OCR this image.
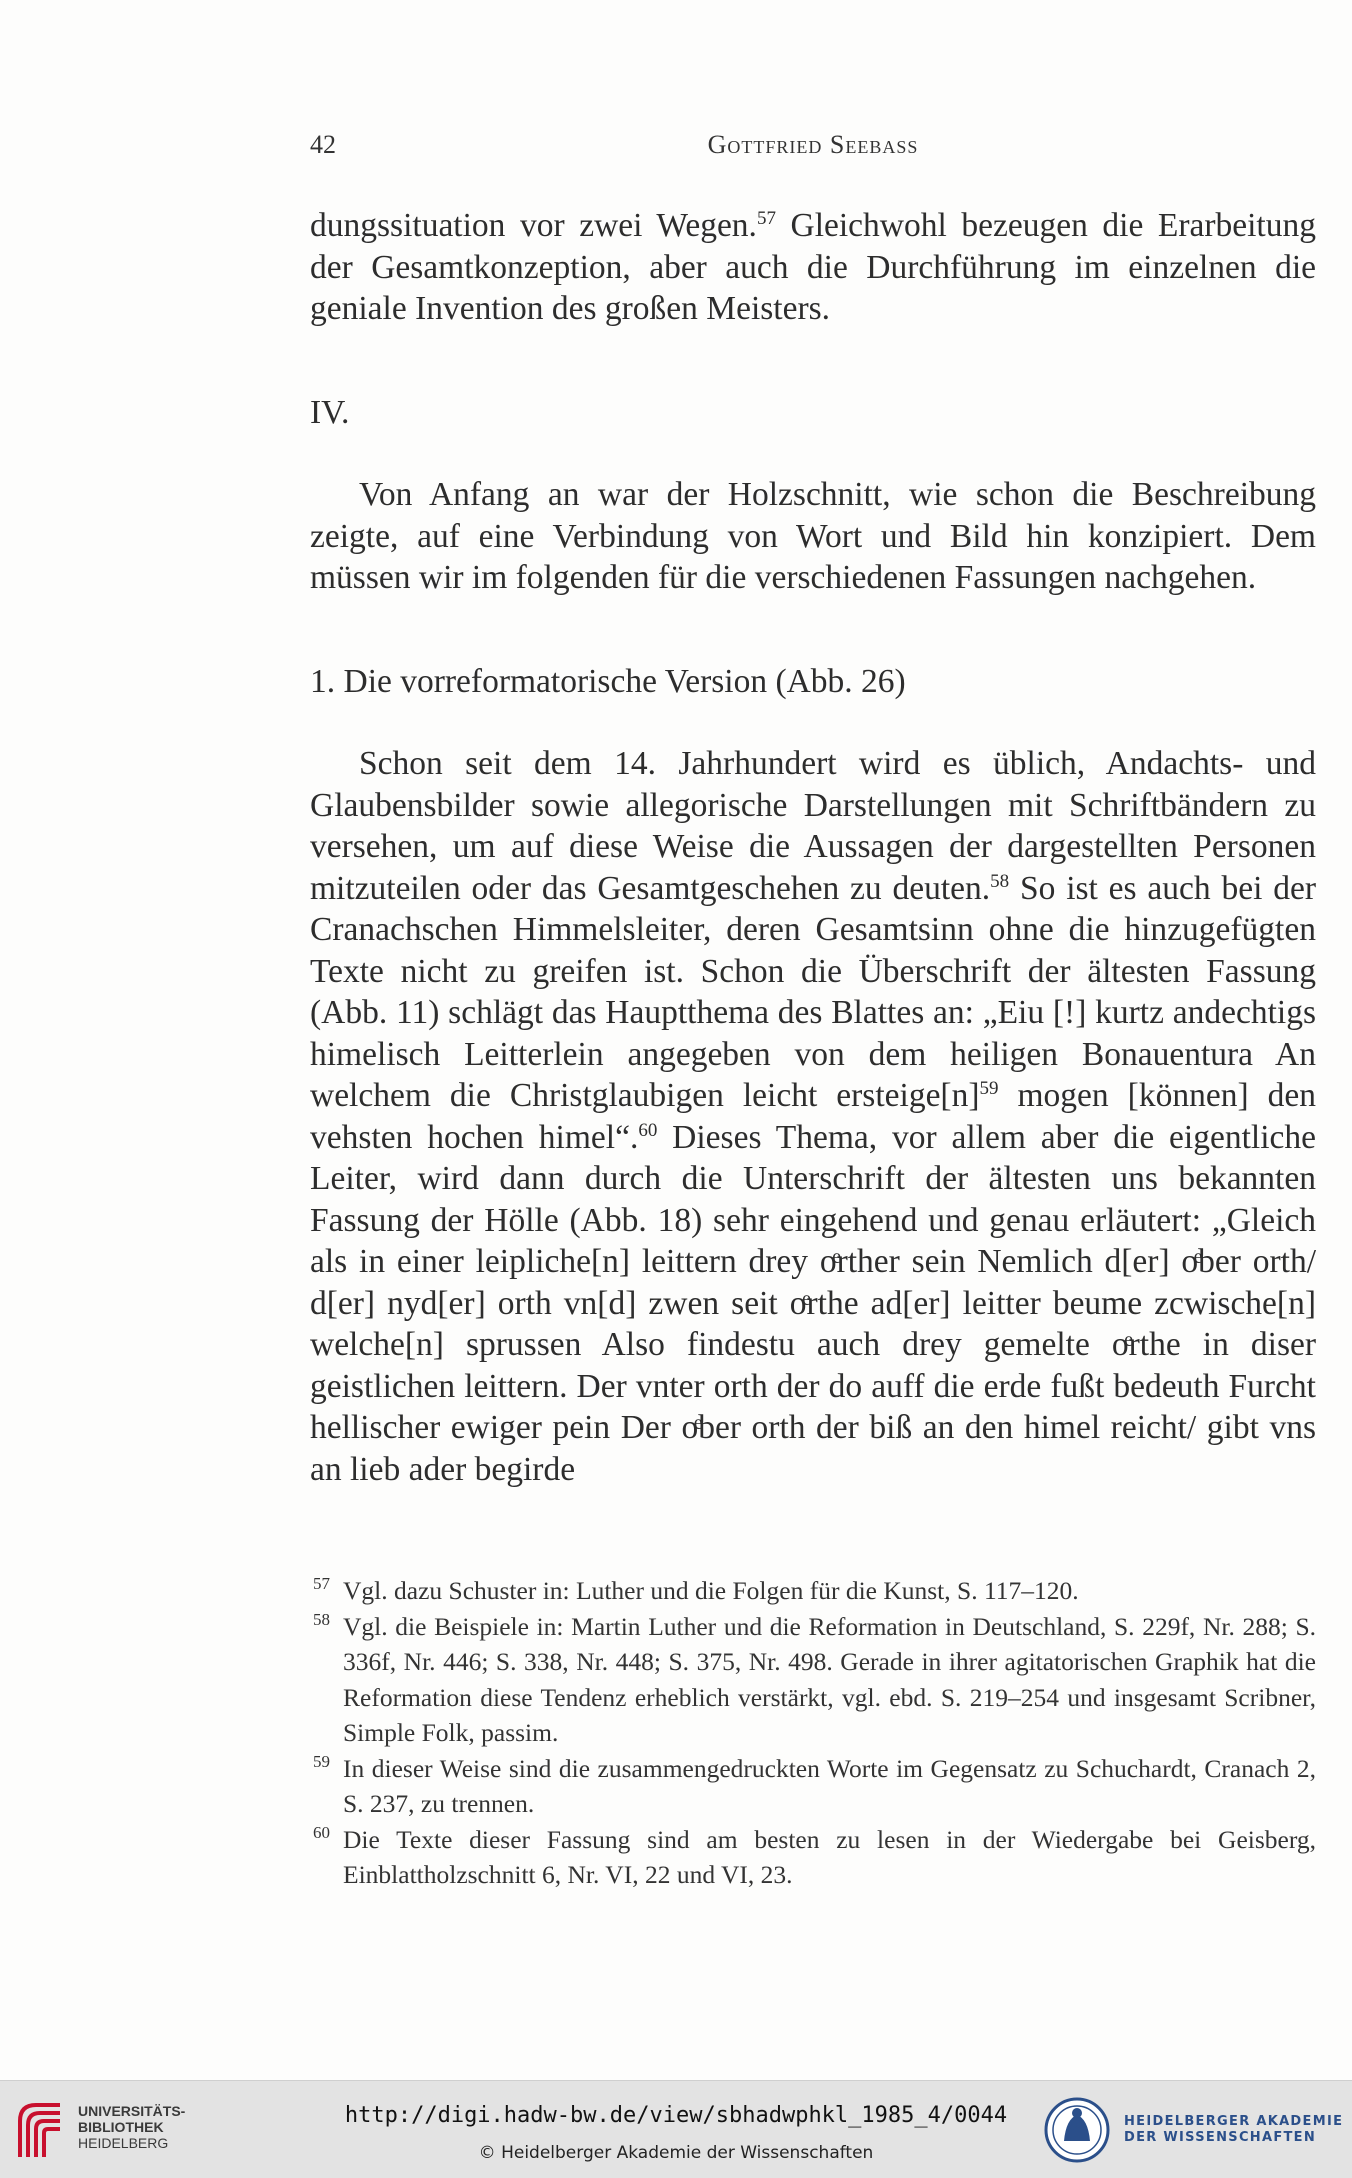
42	Gottfried Seebass

dungssituation vor zwei Wegen.$^{57}$ Gleichwohl bezeugen die Erarbeitung der Gesamtkonzeption, aber auch die Durchführung im einzelnen die geniale Invention des großen Meisters.

IV.

Von Anfang an war der Holzschnitt, wie schon die Beschreibung zeigte, auf eine Verbindung von Wort und Bild hin konzipiert. Dem müssen wir im folgenden für die verschiedenen Fassungen nachgehen.

1. Die vorreformatorische Version (Abb. 26)

Schon seit dem 14. Jahrhundert wird es üblich, Andachts- und Glaubensbilder sowie allegorische Darstellungen mit Schriftbändern zu versehen, um auf diese Weise die Aussagen der dargestellten Personen mitzuteilen oder das Gesamtgeschehen zu deuten.$^{58}$ So ist es auch bei der Cranachschen Himmelsleiter, deren Gesamtsinn ohne die hinzugefügten Texte nicht zu greifen ist. Schon die Überschrift der ältesten Fassung (Abb. 11) schlägt das Hauptthema des Blattes an: „Eiu [!] kurtz andechtigs himelisch Leitterlein angegeben von dem heiligen Bonauentura An welchem die Christglaubigen leicht $ersteige[n]^{59}$ mogen [können] den vehsten hochen himel“.$^{60}$ Dieses Thema, vor allem aber die eigentliche Leiter, wird dann durch die Unterschrift der ältesten uns bekannten Fassung der Hölle (Abb. 18) sehr eingehend und genau erläutert: „Gleich als in einer leipliche[n] leittern drey oͤrther sein Nemlich d[er] oͤber orth/ d[er] nyd[er] orth vn[d] zwen seit oͤrthe ad[er] leitter beume zcwische[n] welche[n] sprussen Also findestu auch drey gemelte oͤrthe in diser geistlichen leittern. Der vnter orth der do auff die erde fußt bedeuth Furcht hellischer ewiger pein Der oͤber orth der biß an den himel reicht/ gibt vns an lieb ader begirde

57 Vgl. dazu Schuster in: Luther und die Folgen für die Kunst, S. 117–120.

58 Vgl. die Beispiele in: Martin Luther und die Reformation in Deutschland, S. 229f, Nr. 288; S. 336f, Nr. 446; S. 338, Nr. 448; S. 375, Nr. 498. Gerade in ihrer agitatorischen Graphik hat die Reformation diese Tendenz erheblich verstärkt, vgl. ebd. S. 219–254 und insgesamt Scribner, Simple Folk, passim.

59 In dieser Weise sind die zusammengedruckten Worte im Gegensatz zu Schuchardt, Cranach 2, S. 237, zu trennen.

60 Die Texte dieser Fassung sind am besten zu lesen in der Wiedergabe bei Geisberg, Einblattholzschnitt 6, Nr. VI, 22 und VI, 23.

UNIVERSITÄTS-
BIBLIOTHEK
HEIDELBERG
http://digi.hadw-bw.de/view/sbhadwphkl_1985_4/0044
© Heidelberger Akademie der Wissenschaften
HEIDELBERGER AKADEMIE
DER WISSENSCHAFTEN
